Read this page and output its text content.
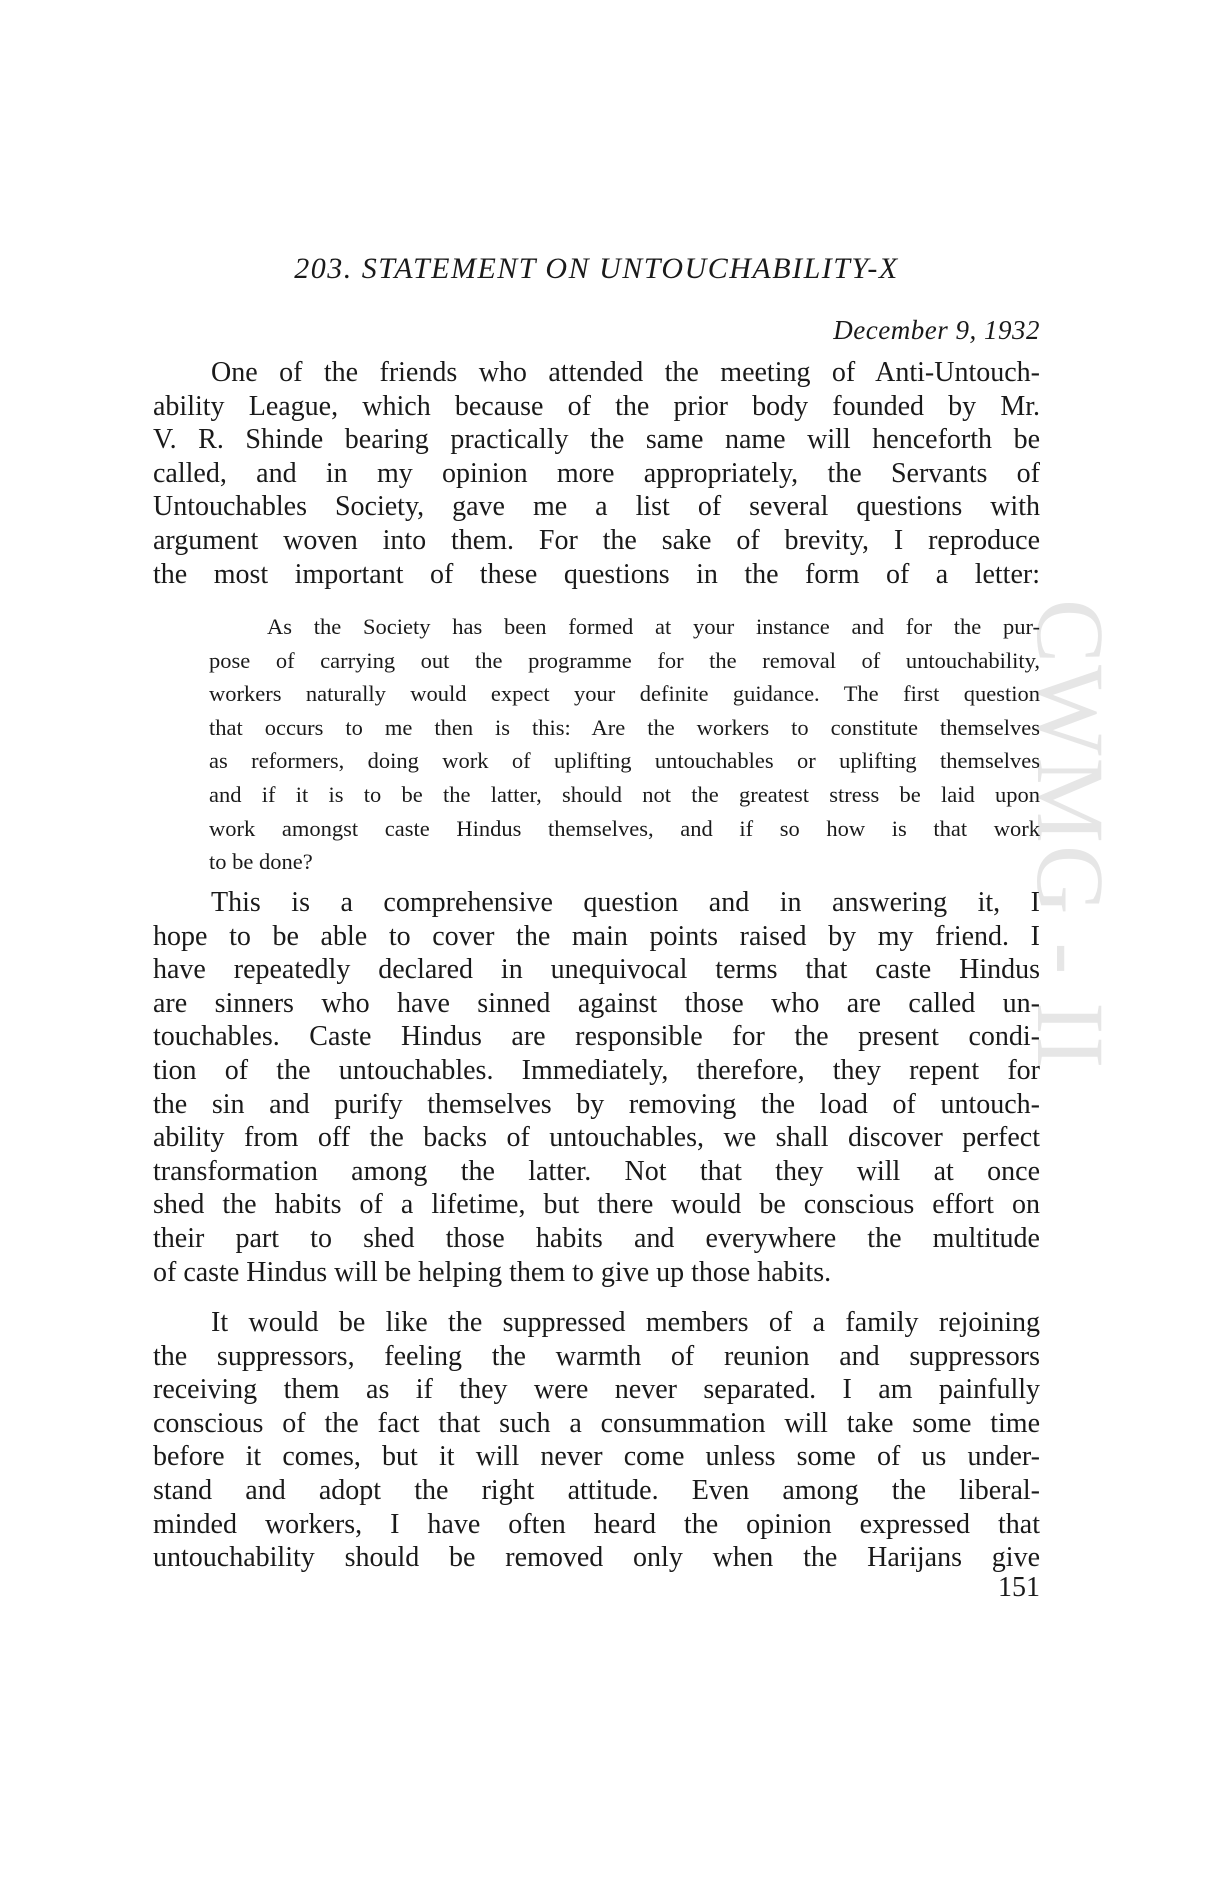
CWMG - II
203. STATEMENT ON UNTOUCHABILITY-X
December 9, 1932
One of the friends who attended the meeting of Anti-Untouch-
ability League, which because of the prior body founded by Mr.
V. R. Shinde bearing practically the same name will henceforth be
called, and in my opinion more appropriately, the Servants of
Untouchables Society, gave me a list of several questions with
argument woven into them. For the sake of brevity, I reproduce
the most important of these questions in the form of a letter:
As the Society has been formed at your instance and for the pur-
pose of carrying out the programme for the removal of untouchability,
workers naturally would expect your definite guidance. The first question
that occurs to me then is this: Are the workers to constitute themselves
as reformers, doing work of uplifting untouchables or uplifting themselves
and if it is to be the latter, should not the greatest stress be laid upon
work amongst caste Hindus themselves, and if so how is that work
to be done?
This is a comprehensive question and in answering it, I
hope to be able to cover the main points raised by my friend. I
have repeatedly declared in unequivocal terms that caste Hindus
are sinners who have sinned against those who are called un-
touchables. Caste Hindus are responsible for the present condi-
tion of the untouchables. Immediately, therefore, they repent for
the sin and purify themselves by removing the load of untouch-
ability from off the backs of untouchables, we shall discover perfect
transformation among the latter. Not that they will at once
shed the habits of a lifetime, but there would be conscious effort on
their part to shed those habits and everywhere the multitude
of caste Hindus will be helping them to give up those habits.
It would be like the suppressed members of a family rejoining
the suppressors, feeling the warmth of reunion and suppressors
receiving them as if they were never separated. I am painfully
conscious of the fact that such a consummation will take some time
before it comes, but it will never come unless some of us under-
stand and adopt the right attitude. Even among the liberal-
minded workers, I have often heard the opinion expressed that
untouchability should be removed only when the Harijans give
151
